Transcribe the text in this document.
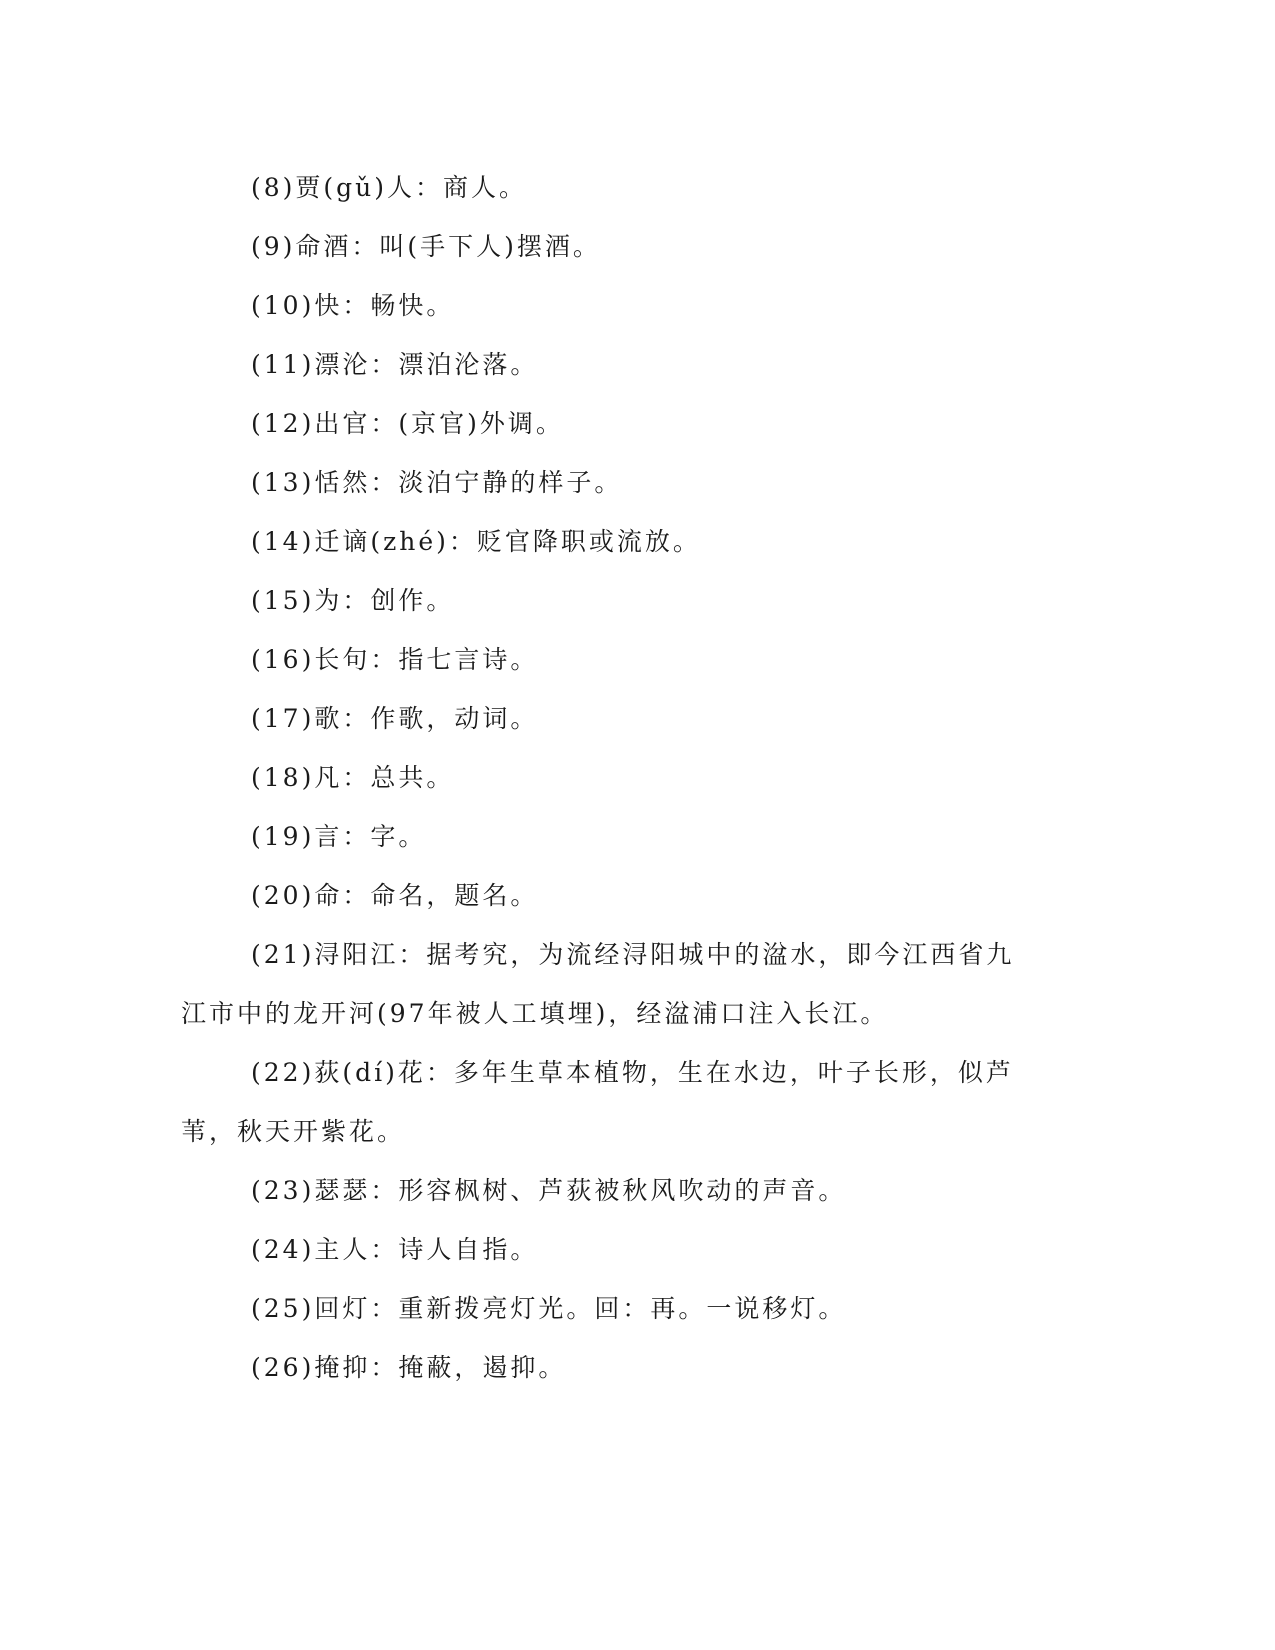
(8)贾(gǔ)人：商人。

(9)命酒：叫(手下人)摆酒。

(10)快：畅快。

(11)漂沦：漂泊沦落。

(12)出官：(京官)外调。

(13)恬然：淡泊宁静的样子。

(14)迁谪(zhé)：贬官降职或流放。

(15)为：创作。

(16)长句：指七言诗。

(17)歌：作歌，动词。

(18)凡：总共。

(19)言：字。

(20)命：命名，题名。

(21)浔阳江：据考究，为流经浔阳城中的湓水，即今江西省九江市中的龙开河(97年被人工填埋)，经湓浦口注入长江。

(22)荻(dí)花：多年生草本植物，生在水边，叶子长形，似芦苇，秋天开紫花。

(23)瑟瑟：形容枫树、芦荻被秋风吹动的声音。

(24)主人：诗人自指。

(25)回灯：重新拨亮灯光。回：再。一说移灯。

(26)掩抑：掩蔽，遏抑。
